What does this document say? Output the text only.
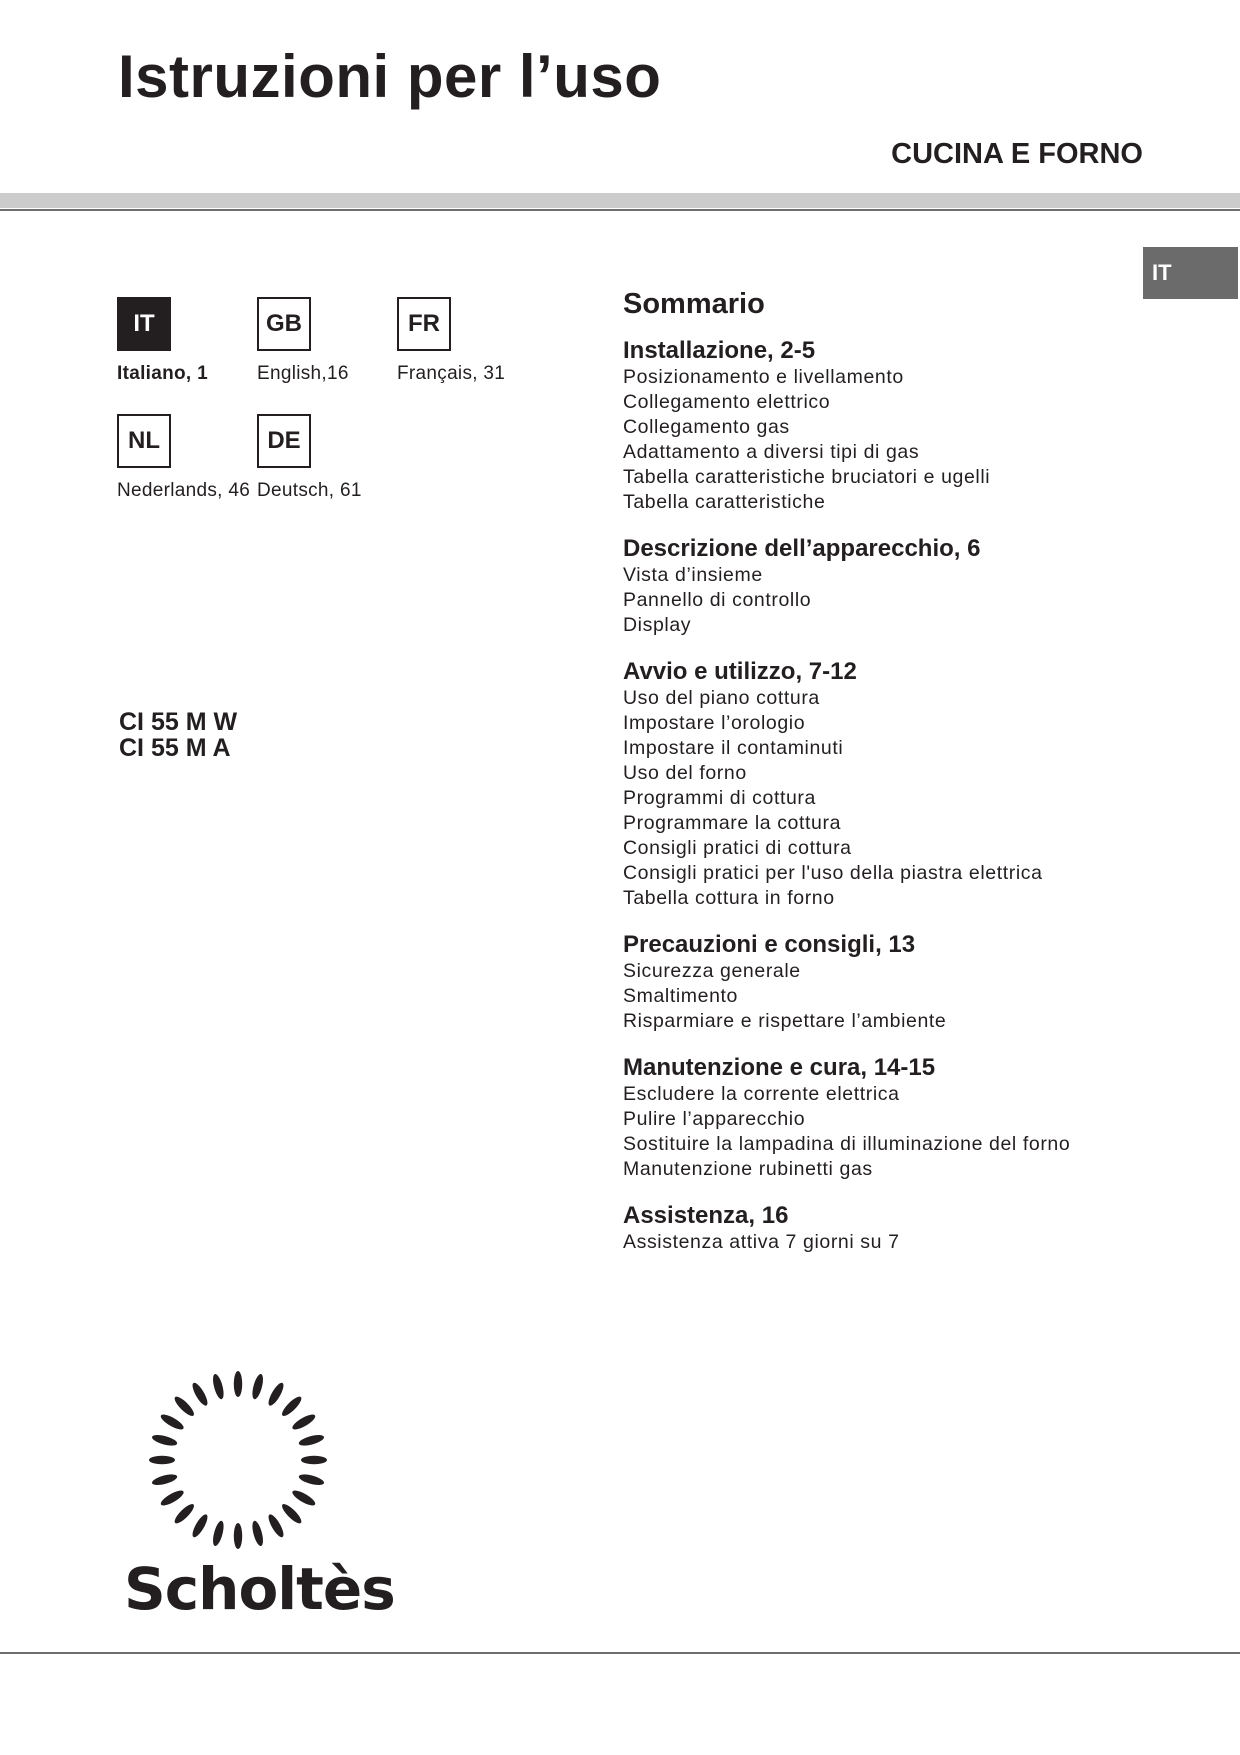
Istruzioni per l’uso
CUCINA E FORNO
IT
IT
Italiano, 1
GB
English,16
FR
Français, 31
NL
Nederlands, 46
DE
Deutsch, 61
CI 55 M W
CI 55 M A
Sommario
Installazione, 2-5
Posizionamento e livellamento
Collegamento elettrico
Collegamento gas
Adattamento a diversi tipi di gas
Tabella caratteristiche bruciatori e ugelli
Tabella caratteristiche
Descrizione dell’apparecchio, 6
Vista d’insieme
Pannello di controllo
Display
Avvio e utilizzo, 7-12
Uso del piano cottura
Impostare l’orologio
Impostare il contaminuti
Uso del forno
Programmi di cottura
Programmare la cottura
Consigli pratici di cottura
Consigli pratici per l'uso della piastra elettrica
Tabella cottura in forno
Precauzioni e consigli, 13
Sicurezza generale
Smaltimento
Risparmiare e rispettare l’ambiente
Manutenzione e cura, 14-15
Escludere la corrente elettrica
Pulire l’apparecchio
Sostituire la lampadina di illuminazione del forno
Manutenzione rubinetti gas
Assistenza, 16
Assistenza attiva 7 giorni su 7
Scholtès
